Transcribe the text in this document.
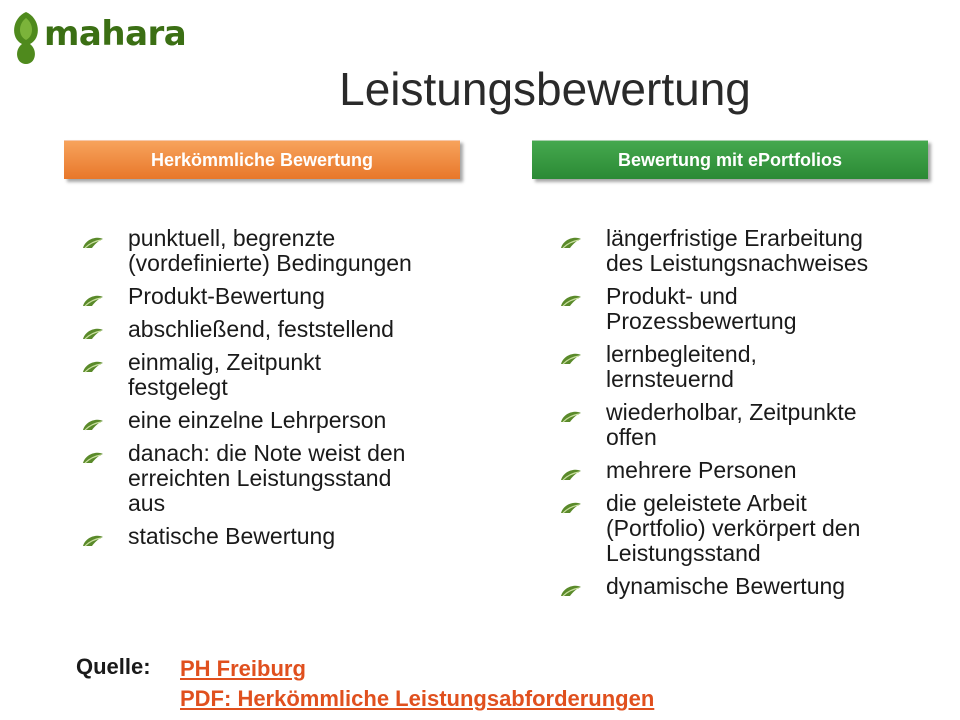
mahara
Leistungsbewertung
Herkömmliche Bewertung	Bewertung mit ePortfolios
punktuell, begrenzte (vordefinierte) Bedingungen
Produkt-Bewertung
abschließend, feststellend
einmalig, Zeitpunkt festgelegt
eine einzelne Lehrperson
danach: die Note weist den erreichten Leistungsstand aus
statische Bewertung
längerfristige Erarbeitung des Leistungsnachweises
Produkt- und Prozessbewertung
lernbegleitend, lernsteuernd
wiederholbar, Zeitpunkte offen
mehrere Personen
die geleistete Arbeit (Portfolio) verkörpert den Leistungsstand
dynamische Bewertung
Quelle: PH Freiburg
PDF: Herkömmliche Leistungsabforderungen
